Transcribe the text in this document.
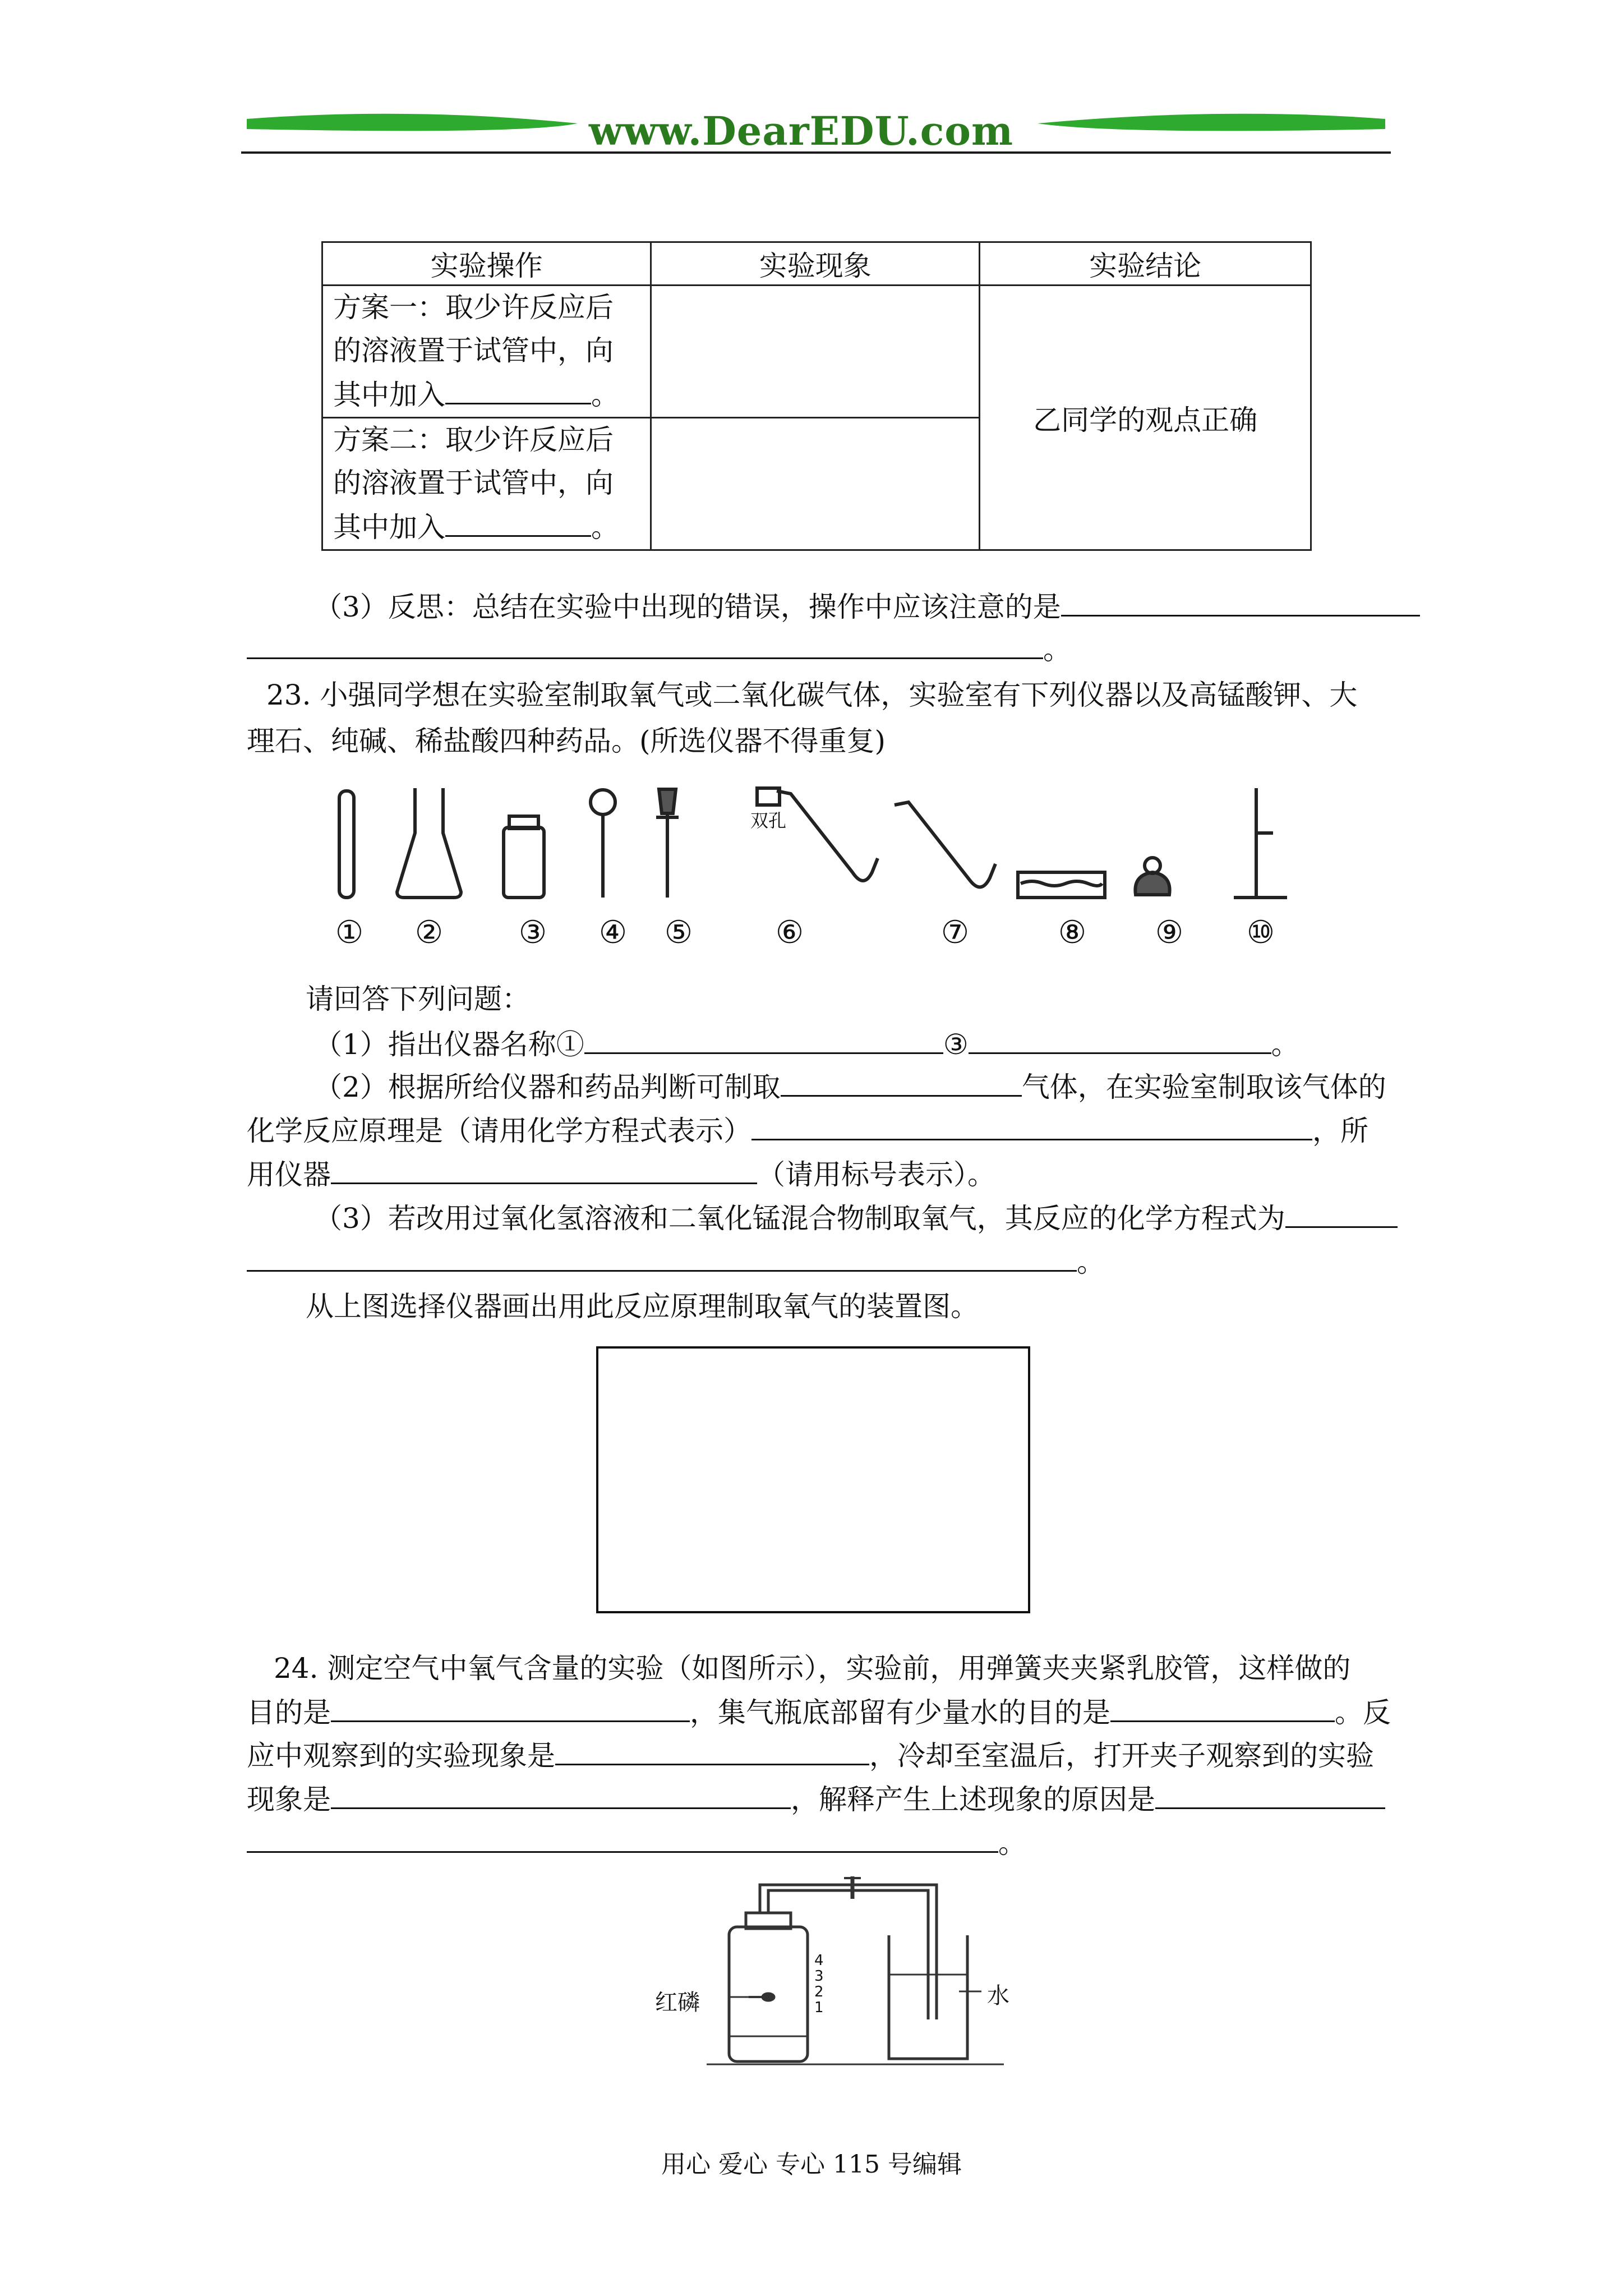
www.DearEDU.com
实验操作	实验现象	实验结论

方案一：取少许反应后
的溶液置于试管中，向
其中加入 。		乙同学的观点正确

方案二：取少许反应后
的溶液置于试管中，向
其中加入 。		

（3）反思：总结在实验中出现的错误，操作中应该注意的是
。
23. 小强同学想在实验室制取氧气或二氧化碳气体，实验室有下列仪器以及高锰酸钾、大
理石、纯碱、稀盐酸四种药品。(所选仪器不得重复)
双孔
① ② ③ ④ ⑤	⑥	⑦	⑧ ⑨ ⑩
请回答下列问题：
（1）指出仪器名称①	③	。
（2）根据所给仪器和药品判断可制取	气体，在实验室制取该气体的
化学反应原理是（请用化学方程式表示）	，所
用仪器	（请用标号表示）。
（3）若改用过氧化氢溶液和二氧化锰混合物制取氧气，其反应的化学方程式为
。
从上图选择仪器画出用此反应原理制取氧气的装置图。
24. 测定空气中氧气含量的实验（如图所示），实验前，用弹簧夹夹紧乳胶管，这样做的
目的是	，集气瓶底部留有少量水的目的是	。反
应中观察到的实验现象是	，冷却至室温后，打开夹子观察到的实验
现象是	，解释产生上述现象的原因是
。
红磷	水
4
3
2
1
用心 爱心 专心 115 号编辑
